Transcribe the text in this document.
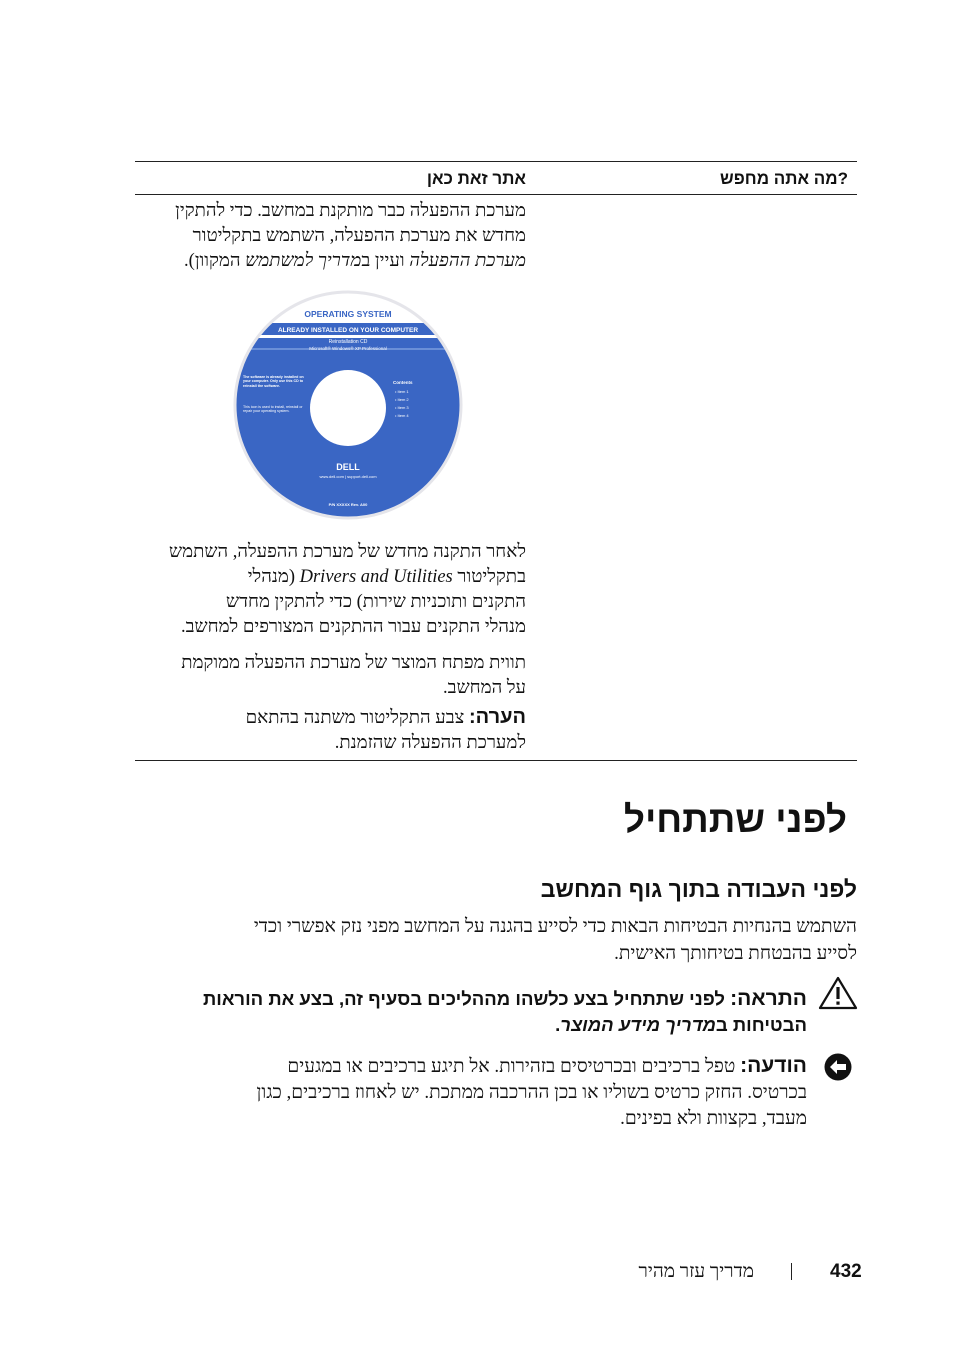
?מה אתה מחפש
אתר זאת כאן
מערכת ההפעלה כבר מותקנת במחשב. כדי להתקין
מחדש את מערכת ההפעלה, השתמש בתקליטור
מערכת ההפעלה ועיין במדריך למשתמש המקוון).
OPERATING SYSTEM
ALREADY INSTALLED ON YOUR COMPUTER
Reinstallation CD
Microsoft® Windows® XP Professional
The software is already installed on your computer. Only use this CD to reinstall the software.
This icon is used to install, reinstall or repair your operating system.
Contents
• Item 1
• Item 2
• Item 3
• Item 4
DELL
www.dell.com | support.dell.com
P/N XXXXX Rev. A00
לאחר התקנה מחדש של מערכת ההפעלה, השתמש
בתקליטור Drivers and Utilities (מנהלי
התקנים ותוכניות שירות) כדי להתקין מחדש
מנהלי התקנים עבור ההתקנים המצורפים למחשב.
תווית מפתח המוצר של מערכת ההפעלה ממוקמת
על המחשב.
הערה: צבע התקליטור משתנה בהתאם
למערכת ההפעלה שהזמנת.
לפני שתתחיל
לפני העבודה בתוך גוף המחשב
השתמש בהנחיות הבטיחות הבאות כדי לסייע בהגנה על המחשב מפני נזק אפשרי וכדי
לסייע בהבטחת בטיחותך האישית.
התראה: לפני שתתחיל בצע כלשהו מההליכים בסעיף זה, בצע את הוראות
הבטיחות במדריך מידע המוצר.
הודעה: טפל ברכיבים ובכרטיסים בזהירות. אל תיגע ברכיבים או במגעים
בכרטיס. החזק כרטיס בשוליו או בכן ההרכבה ממתכת. יש לאחוז ברכיבים, כגון
מעבד, בקצוות ולא בפינים.
מדריך עזר מהיר	432
